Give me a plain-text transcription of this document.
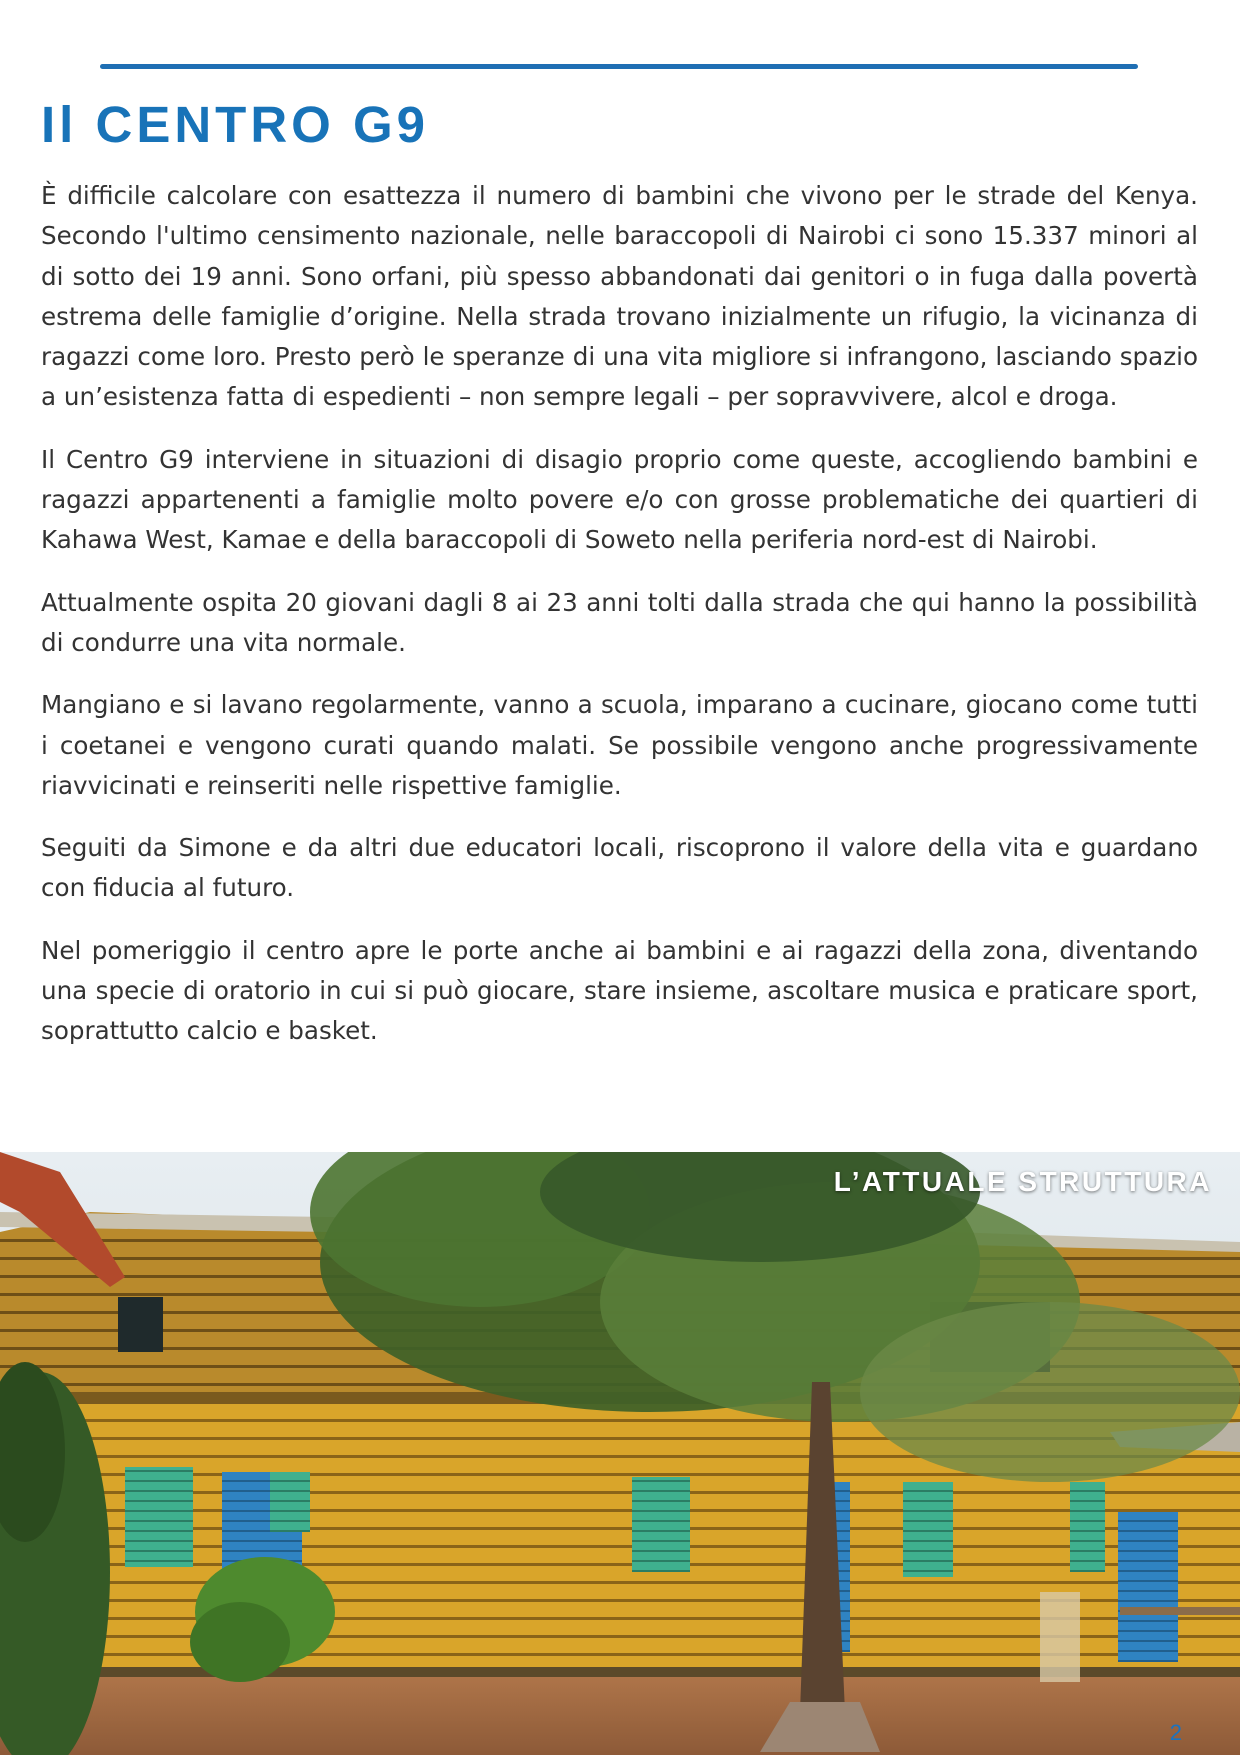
Il CENTRO G9

È difficile calcolare con esattezza il numero di bambini che vivono per le strade del Kenya. Secondo l'ultimo censimento nazionale, nelle baraccopoli di Nairobi ci sono 15.337 minori al di sotto dei 19 anni. Sono orfani, più spesso abbandonati dai genitori o in fuga dalla povertà estrema delle famiglie d’origine. Nella strada trovano inizialmente un rifugio, la vicinanza di ragazzi come loro. Presto però le speranze di una vita migliore si infrangono, lasciando spazio a un’esistenza fatta di espedienti – non sempre legali – per sopravvivere, alcol e droga.

Il Centro G9 interviene in situazioni di disagio proprio come queste, accogliendo bambini e ragazzi appartenenti a famiglie molto povere e/o con grosse problematiche dei quartieri di Kahawa West, Kamae e della baraccopoli di Soweto nella periferia nord-est di Nairobi.

Attualmente ospita 20 giovani dagli 8 ai 23 anni tolti dalla strada che qui hanno la possibilità di condurre una vita normale.

Mangiano e si lavano regolarmente, vanno a scuola, imparano a cucinare, giocano come tutti i coetanei e vengono curati quando malati. Se possibile vengono anche progressivamente riavvicinati e reinseriti nelle rispettive famiglie.

Seguiti da Simone e da altri due educatori locali, riscoprono il valore della vita e guardano con fiducia al futuro.

Nel pomeriggio il centro apre le porte anche ai bambini e ai ragazzi della zona, diventando una specie di oratorio in cui si può giocare, stare insieme, ascoltare musica e praticare sport, soprattutto calcio e basket.

L’ATTUALE STRUTTURA
2
